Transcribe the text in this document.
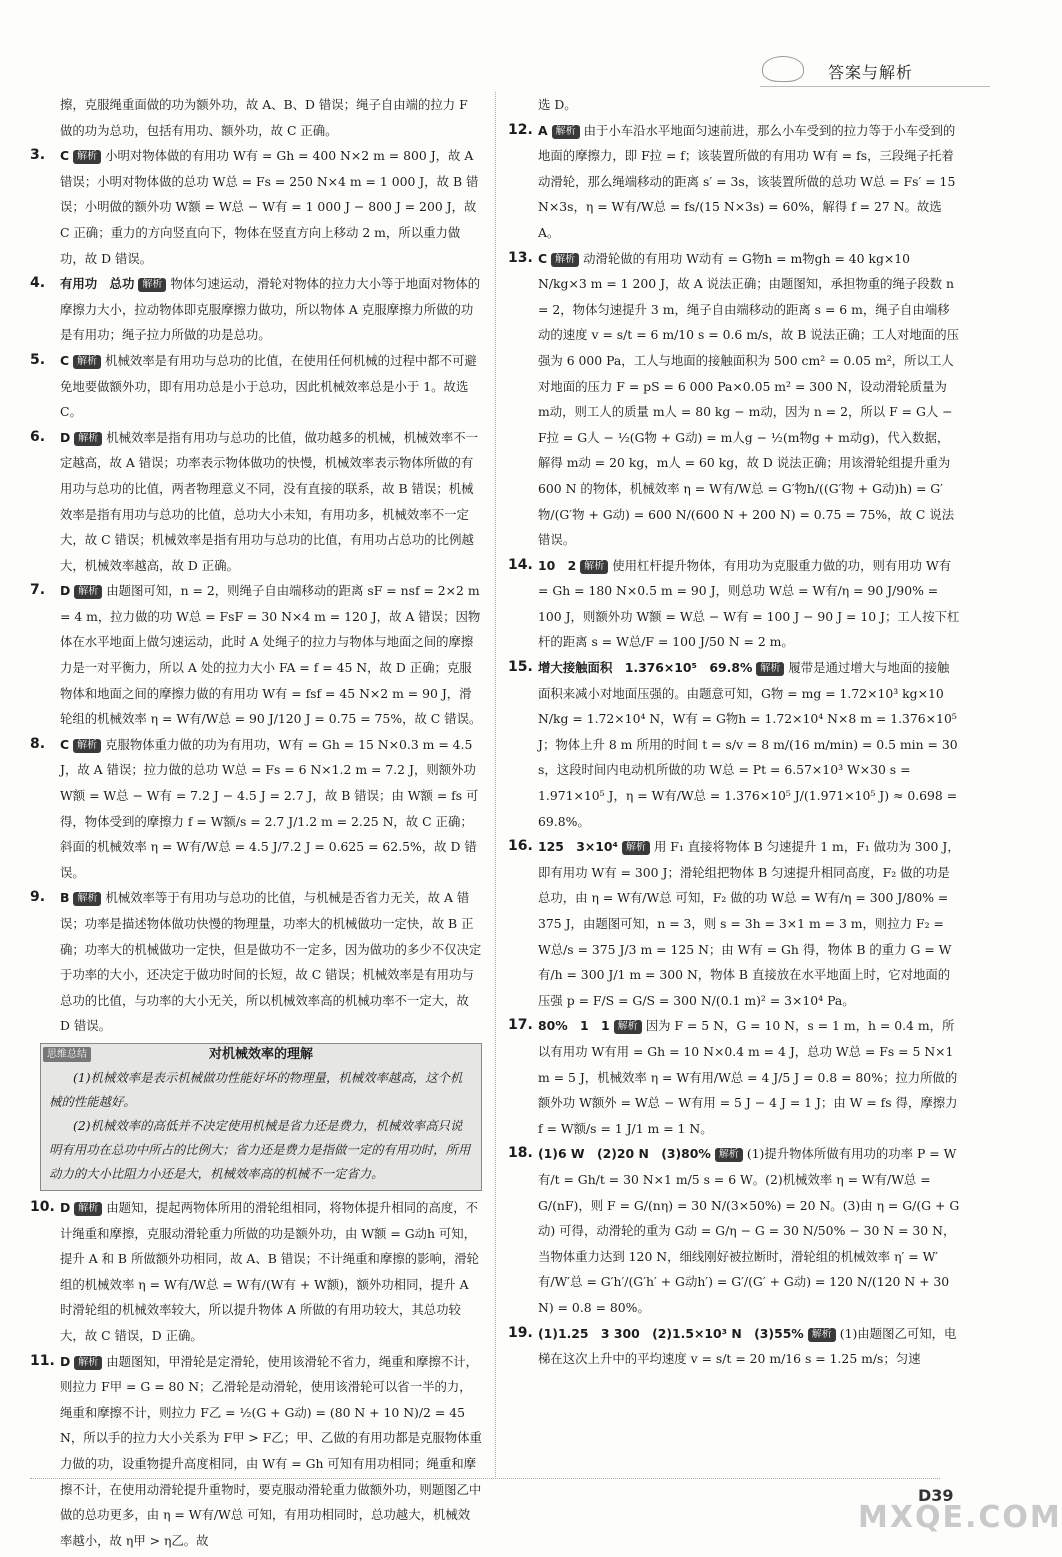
答案与解析

擦，克服绳重面做的功为额外功，故 A、B、D 错误；绳子自由端的拉力 F 做的功为总功，包括有用功、额外功，故 C 正确。

3. C 解析 小明对物体做的有用功 W有 = Gh = 400 N×2 m = 800 J，故 A 错误；小明对物体做的总功 W总 = Fs = 250 N×4 m = 1 000 J，故 B 错误；小明做的额外功 W额 = W总 − W有 = 1 000 J − 800 J = 200 J，故 C 正确；重力的方向竖直向下，物体在竖直方向上移动 2 m，所以重力做功，故 D 错误。
4. 有用功　总功 解析 物体匀速运动，滑轮对物体的拉力大小等于地面对物体的摩擦力大小，拉动物体即克服摩擦力做功，所以物体 A 克服摩擦力所做的功是有用功；绳子拉力所做的功是总功。
5. C 解析 机械效率是有用功与总功的比值，在使用任何机械的过程中都不可避免地要做额外功，即有用功总是小于总功，因此机械效率总是小于 1。故选 C。
6. D 解析 机械效率是指有用功与总功的比值，做功越多的机械，机械效率不一定越高，故 A 错误；功率表示物体做功的快慢，机械效率表示物体所做的有用功与总功的比值，两者物理意义不同，没有直接的联系，故 B 错误；机械效率是指有用功与总功的比值，总功大小未知，有用功多，机械效率不一定大，故 C 错误；机械效率是指有用功与总功的比值，有用功占总功的比例越大，机械效率越高，故 D 正确。
7. D 解析 由题图可知，n = 2，则绳子自由端移动的距离 sF = nsf = 2×2 m = 4 m，拉力做的功 W总 = FsF = 30 N×4 m = 120 J，故 A 错误；因物体在水平地面上做匀速运动，此时 A 处绳子的拉力与物体与地面之间的摩擦力是一对平衡力，所以 A 处的拉力大小 FA = f = 45 N，故 D 正确；克服物体和地面之间的摩擦力做的有用功 W有 = fsf = 45 N×2 m = 90 J，滑轮组的机械效率 η = W有/W总 = 90 J/120 J = 0.75 = 75%，故 C 错误。
8. C 解析 克服物体重力做的功为有用功，W有 = Gh = 15 N×0.3 m = 4.5 J，故 A 错误；拉力做的总功 W总 = Fs = 6 N×1.2 m = 7.2 J，则额外功 W额 = W总 − W有 = 7.2 J − 4.5 J = 2.7 J，故 B 错误；由 W额 = fs 可得，物体受到的摩擦力 f = W额/s = 2.7 J/1.2 m = 2.25 N，故 C 正确；斜面的机械效率 η = W有/W总 = 4.5 J/7.2 J = 0.625 = 62.5%，故 D 错误。
9. B 解析 机械效率等于有用功与总功的比值，与机械是否省力无关，故 A 错误；功率是描述物体做功快慢的物理量，功率大的机械做功一定快，故 B 正确；功率大的机械做功一定快，但是做功不一定多，因为做功的多少不仅决定于功率的大小，还决定于做功时间的长短，故 C 错误；机械效率是有用功与总功的比值，与功率的大小无关，所以机械效率高的机械功率不一定大，故 D 错误。
思维总结	对机械效率的理解

(1)机械效率是表示机械做功性能好坏的物理量，机械效率越高，这个机械的性能越好。

(2)机械效率的高低并不决定使用机械是省力还是费力，机械效率高只说明有用功在总功中所占的比例大；省力还是费力是指做一定的有用功时，所用动力的大小比阻力小还是大，机械效率高的机械不一定省力。

10. D 解析 由题知，提起两物体所用的滑轮组相同，将物体提升相同的高度，不计绳重和摩擦，克服动滑轮重力所做的功是额外功，由 W额 = G动h 可知，提升 A 和 B 所做额外功相同，故 A、B 错误；不计绳重和摩擦的影响，滑轮组的机械效率 η = W有/W总 = W有/(W有 + W额)，额外功相同，提升 A 时滑轮组的机械效率较大，所以提升物体 A 所做的有用功较大，其总功较大，故 C 错误，D 正确。
11. D 解析 由题图知，甲滑轮是定滑轮，使用该滑轮不省力，绳重和摩擦不计，则拉力 F甲 = G = 80 N；乙滑轮是动滑轮，使用该滑轮可以省一半的力，绳重和摩擦不计，则拉力 F乙 = ½(G + G动) = (80 N + 10 N)/2 = 45 N，所以手的拉力大小关系为 F甲 > F乙；甲、乙做的有用功都是克服物体重力做的功，设重物提升高度相同，由 W有 = Gh 可知有用功相同；绳重和摩擦不计，在使用动滑轮提升重物时，要克服动滑轮重力做额外功，则题图乙中做的总功更多，由 η = W有/W总 可知，有用功相同时，总功越大，机械效率越小，故 η甲 > η乙。故

选 D。

12. A 解析 由于小车沿水平地面匀速前进，那么小车受到的拉力等于小车受到的地面的摩擦力，即 F拉 = f；该装置所做的有用功 W有 = fs，三段绳子托着动滑轮，那么绳端移动的距离 s′ = 3s，该装置所做的总功 W总 = Fs′ = 15 N×3s，η = W有/W总 = fs/(15 N×3s) = 60%，解得 f = 27 N。故选 A。
13. C 解析 动滑轮做的有用功 W动有 = G物h = m物gh = 40 kg×10 N/kg×3 m = 1 200 J，故 A 说法正确；由题图知，承担物重的绳子段数 n = 2，物体匀速提升 3 m，绳子自由端移动的距离 s = 6 m，绳子自由端移动的速度 v = s/t = 6 m/10 s = 0.6 m/s，故 B 说法正确；工人对地面的压强为 6 000 Pa，工人与地面的接触面积为 500 cm² = 0.05 m²，所以工人对地面的压力 F = pS = 6 000 Pa×0.05 m² = 300 N，设动滑轮质量为 m动，则工人的质量 m人 = 80 kg − m动，因为 n = 2，所以 F = G人 − F拉 = G人 − ½(G物 + G动) = m人g − ½(m物g + m动g)，代入数据，解得 m动 = 20 kg，m人 = 60 kg，故 D 说法正确；用该滑轮组提升重为 600 N 的物体，机械效率 η = W有/W总 = G′物h/((G′物 + G动)h) = G′物/(G′物 + G动) = 600 N/(600 N + 200 N) = 0.75 = 75%，故 C 说法错误。
14. 10　2 解析 使用杠杆提升物体，有用功为克服重力做的功，则有用功 W有 = Gh = 180 N×0.5 m = 90 J，则总功 W总 = W有/η = 90 J/90% = 100 J，则额外功 W额 = W总 − W有 = 100 J − 90 J = 10 J；工人按下杠杆的距离 s = W总/F = 100 J/50 N = 2 m。
15. 增大接触面积　1.376×10⁵　69.8% 解析 履带是通过增大与地面的接触面积来减小对地面压强的。由题意可知，G物 = mg = 1.72×10³ kg×10 N/kg = 1.72×10⁴ N，W有 = G物h = 1.72×10⁴ N×8 m = 1.376×10⁵ J；物体上升 8 m 所用的时间 t = s/v = 8 m/(16 m/min) = 0.5 min = 30 s，这段时间内电动机所做的功 W总 = Pt = 6.57×10³ W×30 s = 1.971×10⁵ J，η = W有/W总 = 1.376×10⁵ J/(1.971×10⁵ J) ≈ 0.698 = 69.8%。
16. 125　3×10⁴ 解析 用 F₁ 直接将物体 B 匀速提升 1 m，F₁ 做功为 300 J，即有用功 W有 = 300 J；滑轮组把物体 B 匀速提升相同高度，F₂ 做的功是总功，由 η = W有/W总 可知，F₂ 做的功 W总 = W有/η = 300 J/80% = 375 J，由题图可知，n = 3，则 s = 3h = 3×1 m = 3 m，则拉力 F₂ = W总/s = 375 J/3 m = 125 N；由 W有 = Gh 得，物体 B 的重力 G = W有/h = 300 J/1 m = 300 N，物体 B 直接放在水平地面上时，它对地面的压强 p = F/S = G/S = 300 N/(0.1 m)² = 3×10⁴ Pa。
17. 80%　1　1 解析 因为 F = 5 N，G = 10 N，s = 1 m，h = 0.4 m，所以有用功 W有用 = Gh = 10 N×0.4 m = 4 J，总功 W总 = Fs = 5 N×1 m = 5 J，机械效率 η = W有用/W总 = 4 J/5 J = 0.8 = 80%；拉力所做的额外功 W额外 = W总 − W有用 = 5 J − 4 J = 1 J；由 W = fs 得，摩擦力 f = W额/s = 1 J/1 m = 1 N。
18. (1)6 W　(2)20 N　(3)80% 解析 (1)提升物体所做有用功的功率 P = W有/t = Gh/t = 30 N×1 m/5 s = 6 W。(2)机械效率 η = W有/W总 = G/(nF)，则 F = G/(nη) = 30 N/(3×50%) = 20 N。(3)由 η = G/(G + G动) 可得，动滑轮的重为 G动 = G/η − G = 30 N/50% − 30 N = 30 N，当物体重力达到 120 N，细线刚好被拉断时，滑轮组的机械效率 η′ = W′有/W′总 = G′h′/(G′h′ + G动h′) = G′/(G′ + G动) = 120 N/(120 N + 30 N) = 0.8 = 80%。
19. (1)1.25　3 300　(2)1.5×10³ N　(3)55% 解析 (1)由题图乙可知，电梯在这次上升中的平均速度 v = s/t = 20 m/16 s = 1.25 m/s；匀速
D39
MXQE.COM
